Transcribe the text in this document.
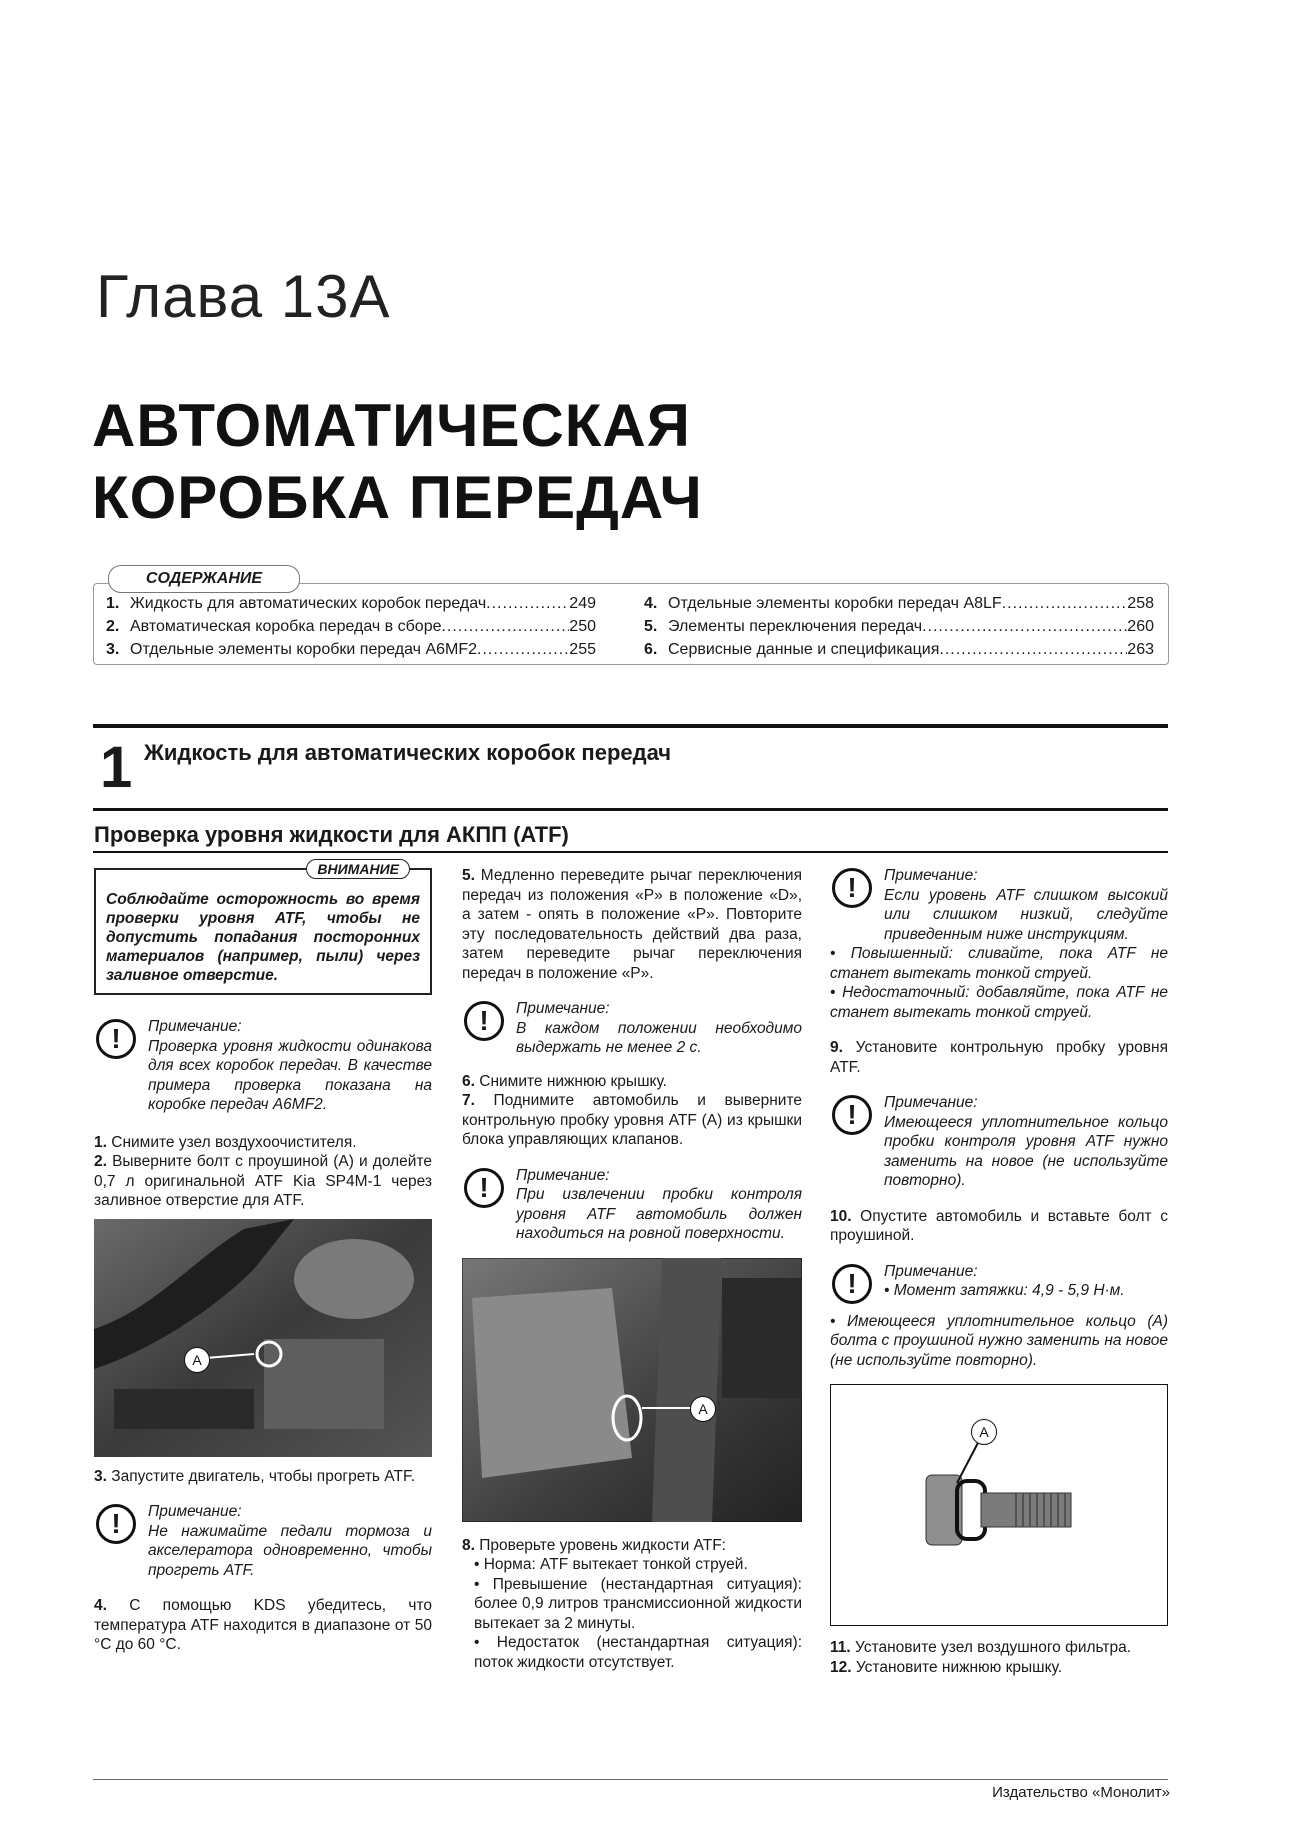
Глава 13А
АВТОМАТИЧЕСКАЯ
КОРОБКА ПЕРЕДАЧ
1. Жидкость для автоматических коробок передач .....	249
2. Автоматическая коробка передач в сборе .....	250
3. Отдельные элементы коробки передач A6MF2 .....	255
4. Отдельные элементы коробки передач A8LF .....	258
5. Элементы переключения передач .....	260
6. Сервисные данные и спецификация .....	263
СОДЕРЖАНИЕ
1 Жидкость для автоматических коробок передач
Проверка уровня жидкости для АКПП (ATF)
ВНИМАНИЕ
Соблюдайте осторожность во время проверки уровня ATF, чтобы не допустить попадания посторонних материалов (например, пыли) через заливное отверстие.
!	Примечание:
Проверка уровня жидкости одинакова для всех коробок передач. В качестве примера проверка показана на коробке передач A6MF2.

1. Снимите узел воздухоочистителя.

2. Выверните болт с проушиной (A) и долейте 0,7 л оригинальной ATF Kia SP4M-1 через заливное отверстие для ATF.

A

3. Запустите двигатель, чтобы прогреть ATF.

!	Примечание:
Не нажимайте педали тормоза и акселератора одновременно, чтобы прогреть ATF.

4. С помощью KDS убедитесь, что температура ATF находится в диапазоне от 50 °C до 60 °C.

5. Медленно переведите рычаг переключения передач из положения «P» в положение «D», а затем - опять в положение «P». Повторите эту последовательность действий два раза, затем переведите рычаг переключения передач в положение «P».

!	Примечание:
В каждом положении необходимо выдержать не менее 2 с.

6. Снимите нижнюю крышку.

7. Поднимите автомобиль и выверните контрольную пробку уровня ATF (A) из крышки блока управляющих клапанов.

!	Примечание:
При извлечении пробки контроля уровня ATF автомобиль должен находиться на ровной поверхности.
A

8. Проверьте уровень жидкости ATF:

• Норма: ATF вытекает тонкой струей.

• Превышение (нестандартная ситуация): более 0,9 литров трансмиссионной жидкости вытекает за 2 минуты.

• Недостаток (нестандартная ситуация): поток жидкости отсутствует.

!	Примечание:
Если уровень ATF слишком высокий или слишком низкий, следуйте приведенным ниже инструкциям.

• Повышенный: сливайте, пока ATF не станет вытекать тонкой струей.

• Недостаточный: добавляйте, пока ATF не станет вытекать тонкой струей.

9. Установите контрольную пробку уровня ATF.

!	Примечание:
Имеющееся уплотнительное кольцо пробки контроля уровня ATF нужно заменить на новое (не используйте повторно).

10. Опустите автомобиль и вставьте болт с проушиной.

!	Примечание:
• Момент затяжки: 4,9 - 5,9 Н·м.

• Имеющееся уплотнительное кольцо (A) болта с проушиной нужно заменить на новое (не используйте повторно).

A

11. Установите узел воздушного фильтра.

12. Установите нижнюю крышку.

Издательство «Монолит»
